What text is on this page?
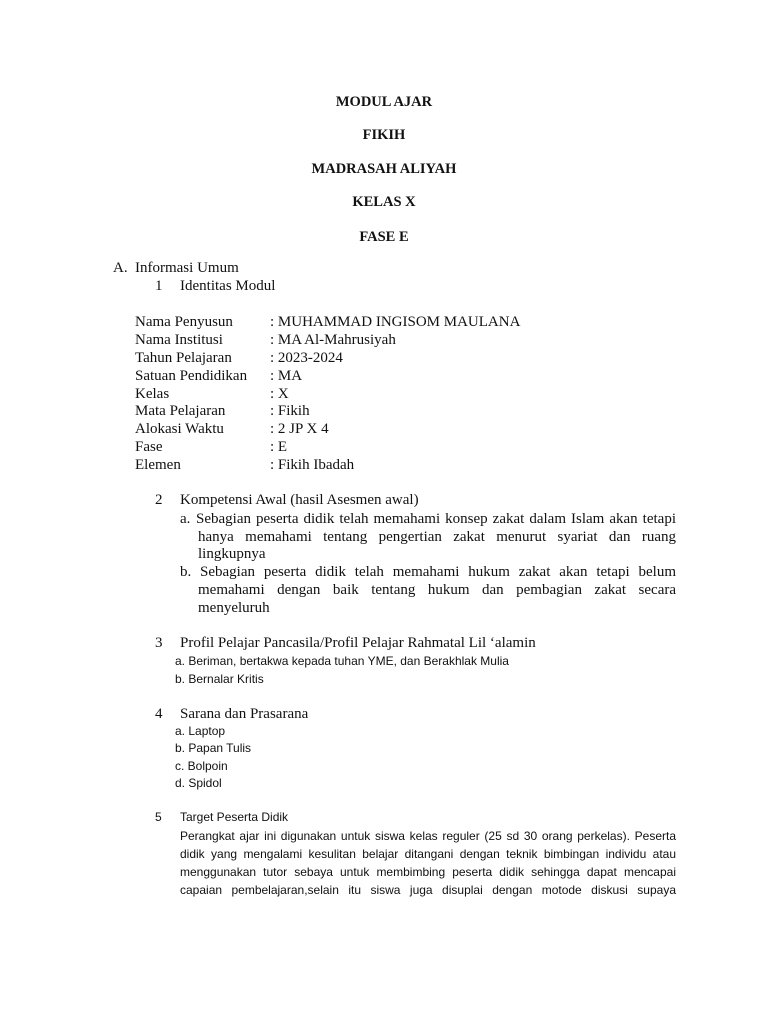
MODUL AJAR
FIKIH
MADRASAH ALIYAH
KELAS X
FASE E
A. Informasi Umum
1 Identitas Modul
Nama Penyusun : MUHAMMAD INGISOM MAULANA
Nama Institusi	: MA Al-Mahrusiyah
Tahun Pelajaran	: 2023-2024
Satuan Pendidikan : MA
Kelas	: X
Mata Pelajaran	: Fikih
Alokasi Waktu	: 2 JP X 4
Fase	: E
Elemen	: Fikih Ibadah
2 Kompetensi Awal (hasil Asesmen awal)
a. Sebagian peserta didik telah memahami konsep zakat dalam Islam akan tetapi
hanya memahami tentang pengertian zakat menurut syariat dan ruang
lingkupnya
b. Sebagian peserta didik telah memahami hukum zakat akan tetapi belum
memahami dengan baik tentang hukum dan pembagian zakat secara
menyeluruh
3 Profil Pelajar Pancasila/Profil Pelajar Rahmatal Lil ‘alamin
a. Beriman, bertakwa kepada tuhan YME, dan Berakhlak Mulia
b. Bernalar Kritis
4 Sarana dan Prasarana
a. Laptop
b. Papan Tulis
c. Bolpoin
d. Spidol
5 Target Peserta Didik
Perangkat ajar ini digunakan untuk siswa kelas reguler (25 sd 30 orang perkelas). Peserta
didik yang mengalami kesulitan belajar ditangani dengan teknik bimbingan individu atau
menggunakan tutor sebaya untuk membimbing peserta didik sehingga dapat mencapai
capaian pembelajaran,selain itu siswa juga disuplai dengan motode diskusi supaya
